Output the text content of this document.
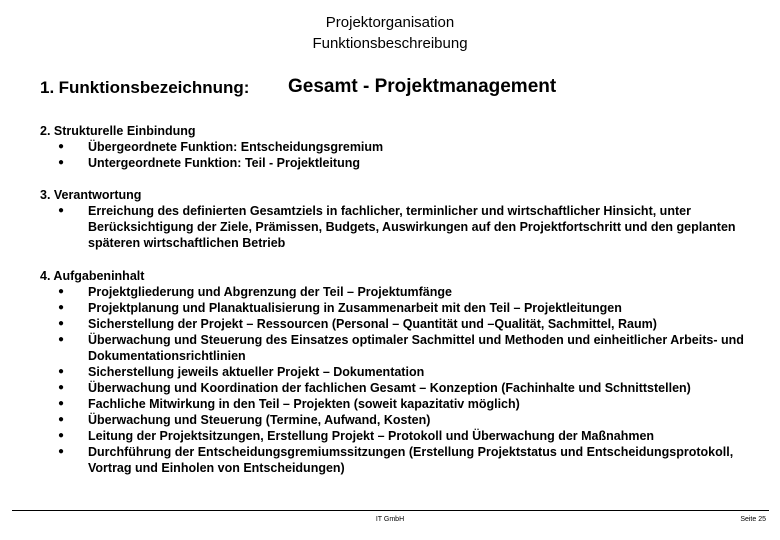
Projektorganisation
Funktionsbeschreibung
1. Funktionsbezeichnung: Gesamt - Projektmanagement
2. Strukturelle Einbindung
● Übergeordnete Funktion: Entscheidungsgremium
● Untergeordnete Funktion: Teil - Projektleitung
3. Verantwortung
● Erreichung des definierten Gesamtziels in fachlicher, terminlicher und wirtschaftlicher Hinsicht, unter Berücksichtigung der Ziele, Prämissen, Budgets, Auswirkungen auf den Projektfortschritt und den geplanten späteren wirtschaftlichen Betrieb
4. Aufgabeninhalt
● Projektgliederung und Abgrenzung der Teil – Projektumfänge
● Projektplanung und Planaktualisierung in Zusammenarbeit mit den Teil – Projektleitungen
● Sicherstellung der Projekt – Ressourcen (Personal – Quantität und –Qualität, Sachmittel, Raum)
● Überwachung und Steuerung des Einsatzes optimaler Sachmittel und Methoden und einheitlicher Arbeits- und Dokumentationsrichtlinien
● Sicherstellung jeweils aktueller Projekt – Dokumentation
● Überwachung und Koordination der fachlichen Gesamt – Konzeption (Fachinhalte und Schnittstellen)
● Fachliche Mitwirkung in den Teil – Projekten (soweit kapazitativ möglich)
● Überwachung und Steuerung (Termine, Aufwand, Kosten)
● Leitung der Projektsitzungen, Erstellung Projekt – Protokoll und Überwachung der Maßnahmen
● Durchführung der Entscheidungsgremiumssitzungen (Erstellung Projektstatus und Entscheidungsprotokoll, Vortrag und Einholen von Entscheidungen)
IT GmbH	Seite 25
